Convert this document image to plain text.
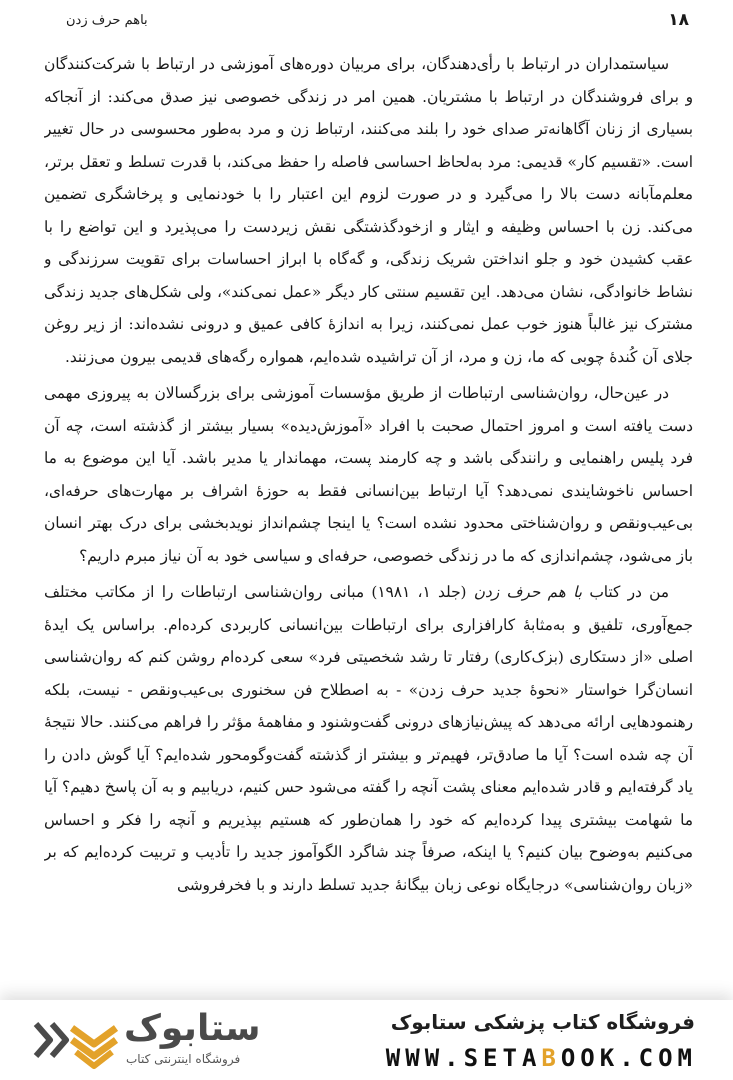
۱۸
باهم حرف زدن

سیاستمداران در ارتباط با رأی‌دهندگان، برای مربیان دوره‌های آموزشی در ارتباط با شرکت‌کنندگان و برای فروشندگان در ارتباط با مشتریان. همین امر در زندگی خصوصی نیز صدق می‌کند: از آنجاکه بسیاری از زنان آگاهانه‌تر صدای خود را بلند می‌کنند، ارتباط زن و مرد به‌طور محسوسی در حال تغییر است. «تقسیم کار» قدیمی: مرد به‌لحاظ احساسی فاصله را حفظ می‌کند، با قدرت تسلط و تعقل برتر، معلم‌مآبانه دست بالا را می‌گیرد و در صورت لزوم این اعتبار را با خودنمایی و پرخاشگری تضمین می‌کند. زن با احساس وظیفه و ایثار و ازخودگذشتگی نقش زیردست را می‌پذیرد و این تواضع را با عقب کشیدن خود و جلو انداختن شریک زندگی، و گه‌گاه با ابراز احساسات برای تقویت سرزندگی و نشاط خانوادگی، نشان می‌دهد. این تقسیم سنتی کار دیگر «عمل نمی‌کند»، ولی شکل‌های جدید زندگی مشترک نیز غالباً هنوز خوب عمل نمی‌کنند، زیرا به اندازهٔ کافی عمیق و درونی نشده‌اند: از زیر روغن جلای آن کُندهٔ چوبی که ما، زن و مرد، از آن تراشیده شده‌ایم، همواره رگه‌های قدیمی بیرون می‌زنند.

در عین‌حال، روان‌شناسی ارتباطات از طریق مؤسسات آموزشی برای بزرگسالان به پیروزی مهمی دست یافته است و امروز احتمال صحبت با افراد «آموزش‌دیده» بسیار بیشتر از گذشته است، چه آن فرد پلیس راهنمایی و رانندگی باشد و چه کارمند پست، مهماندار یا مدیر باشد. آیا این موضوع به ما احساس ناخوشایندی نمی‌دهد؟ آیا ارتباط بین‌انسانی فقط به حوزهٔ اشراف بر مهارت‌های حرفه‌ای، بی‌عیب‌ونقص و روان‌شناختی محدود نشده است؟ یا اینجا چشم‌انداز نویدبخشی برای درک بهتر انسان باز می‌شود، چشم‌اندازی که ما در زندگی خصوصی، حرفه‌ای و سیاسی خود به آن نیاز مبرم داریم؟

من در کتاب با هم حرف زدن (جلد ۱، ۱۹۸۱) مبانی روان‌شناسی ارتباطات را از مکاتب مختلف جمع‌آوری، تلفیق و به‌مثابهٔ کارافزاری برای ارتباطات بین‌انسانی کاربردی کرده‌ام. براساس یک ایدهٔ اصلی «از دستکاری (بزک‌کاری) رفتار تا رشد شخصیتی فرد» سعی کرده‌ام روشن کنم که روان‌شناسی انسان‌گرا خواستار «نحوهٔ جدید حرف زدن» - به اصطلاح فن سخنوری بی‌عیب‌ونقص - نیست، بلکه رهنمودهایی ارائه می‌دهد که پیش‌نیازهای درونی گفت‌وشنود و مفاهمهٔ مؤثر را فراهم می‌کنند. حالا نتیجهٔ آن چه شده است؟ آیا ما صادق‌تر، فهیم‌تر و بیشتر از گذشته گفت‌وگومحور شده‌ایم؟ آیا گوش دادن را یاد گرفته‌ایم و قادر شده‌ایم معنای پشت آنچه را گفته می‌شود حس کنیم، دریابیم و به آن پاسخ دهیم؟ آیا ما شهامت بیشتری پیدا کرده‌ایم که خود را همان‌طور که هستیم بپذیریم و آنچه را فکر و احساس می‌کنیم به‌وضوح بیان کنیم؟ یا اینکه، صرفاً چند شاگرد الگوآموز جدید را تأدیب و تربیت کرده‌ایم که بر «زبان روان‌شناسی» درجایگاه نوعی زبان بیگانهٔ جدید تسلط دارند و با فخرفروشی

ستابوک
فروشگاه اینترنتی کتاب
فروشگاه کتاب پزشکی ستابوک
WWW.SETABOOK.COM
